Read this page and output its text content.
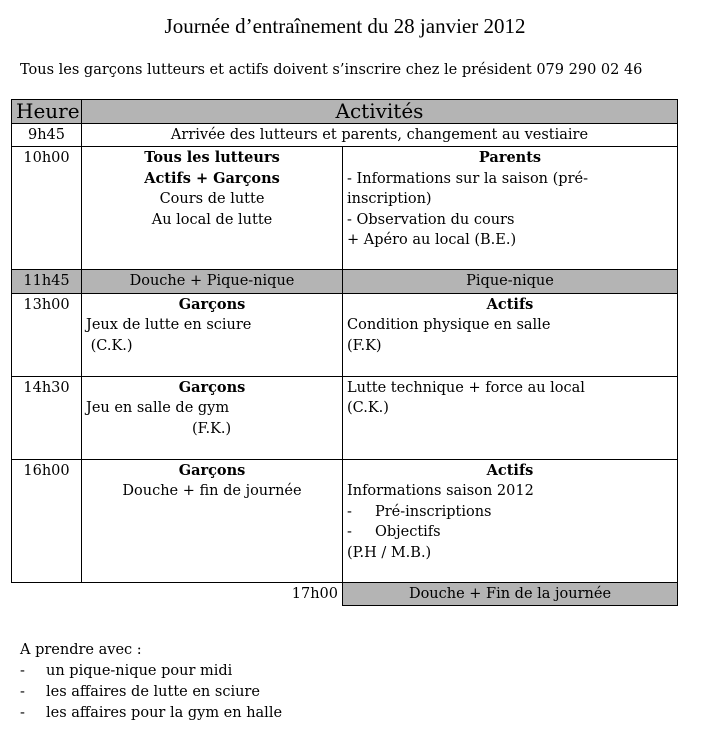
Journée d’entraînement du 28 janvier 2012
Tous les garçons lutteurs et actifs doivent s’inscrire chez le président 079 290 02 46
Heure	Activités	
9h45	Arrivée des lutteurs et parents, changement au vestiaire	
10h00	Tous les lutteurs
Actifs + Garçons
Cours de lutte
Au local de lutte	Parents
- Informations sur la saison (pré-
inscription)
- Observation du cours
+ Apéro au local (B.E.)

11h45	Douche + Pique-nique	Pique-nique
13h00	Garçons
Jeux de lutte en sciure
(C.K.)	Actifs
Condition physique en salle
(F.K)

14h30	Garçons
Jeu en salle de gym
(F.K.)	Lutte technique + force au local
(C.K.)

16h00	Garçons
Douche + fin de journée	Actifs
Informations saison 2012
-     Pré-inscriptions
-     Objectifs
(P.H / M.B.)

	17h00	Douche + Fin de la journée
A prendre avec :
-	un pique-nique pour midi
-	les affaires de lutte en sciure
-	les affaires pour la gym en halle
